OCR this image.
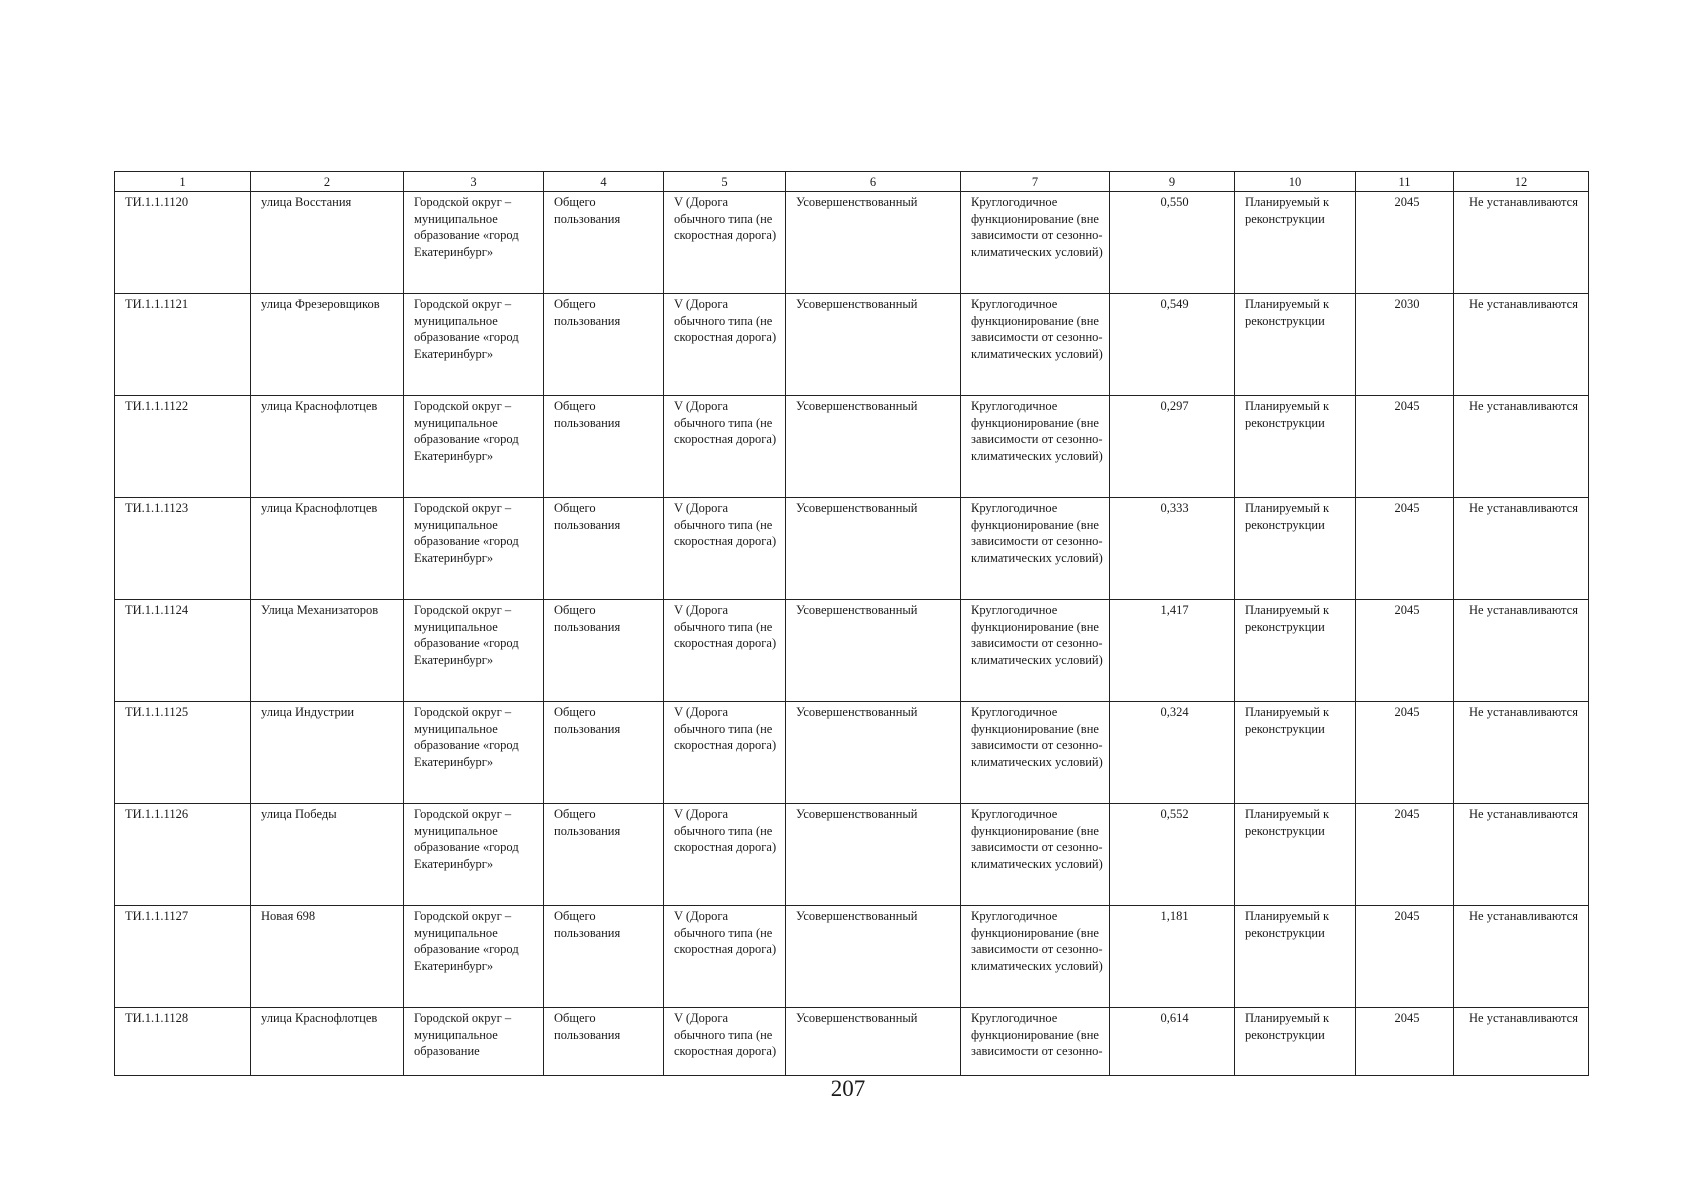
1	2	3	4	5	6	7	9	10	11	12
ТИ.1.1.1120	улица Восстания	Городской округ – муниципальное образование «город Екатеринбург»	Общего пользования	V (Дорога обычного типа (не скоростная дорога)	Усовершенствованный	Круглогодичное функционирование (вне зависимости от сезонно-климатических условий)	0,550	Планируемый к реконструкции	2045	Не устанавливаются
ТИ.1.1.1121	улица Фрезеровщиков	Городской округ – муниципальное образование «город Екатеринбург»	Общего пользования	V (Дорога обычного типа (не скоростная дорога)	Усовершенствованный	Круглогодичное функционирование (вне зависимости от сезонно-климатических условий)	0,549	Планируемый к реконструкции	2030	Не устанавливаются
ТИ.1.1.1122	улица Краснофлотцев	Городской округ – муниципальное образование «город Екатеринбург»	Общего пользования	V (Дорога обычного типа (не скоростная дорога)	Усовершенствованный	Круглогодичное функционирование (вне зависимости от сезонно-климатических условий)	0,297	Планируемый к реконструкции	2045	Не устанавливаются
ТИ.1.1.1123	улица Краснофлотцев	Городской округ – муниципальное образование «город Екатеринбург»	Общего пользования	V (Дорога обычного типа (не скоростная дорога)	Усовершенствованный	Круглогодичное функционирование (вне зависимости от сезонно-климатических условий)	0,333	Планируемый к реконструкции	2045	Не устанавливаются
ТИ.1.1.1124	Улица Механизаторов	Городской округ – муниципальное образование «город Екатеринбург»	Общего пользования	V (Дорога обычного типа (не скоростная дорога)	Усовершенствованный	Круглогодичное функционирование (вне зависимости от сезонно-климатических условий)	1,417	Планируемый к реконструкции	2045	Не устанавливаются
ТИ.1.1.1125	улица Индустрии	Городской округ – муниципальное образование «город Екатеринбург»	Общего пользования	V (Дорога обычного типа (не скоростная дорога)	Усовершенствованный	Круглогодичное функционирование (вне зависимости от сезонно-климатических условий)	0,324	Планируемый к реконструкции	2045	Не устанавливаются
ТИ.1.1.1126	улица Победы	Городской округ – муниципальное образование «город Екатеринбург»	Общего пользования	V (Дорога обычного типа (не скоростная дорога)	Усовершенствованный	Круглогодичное функционирование (вне зависимости от сезонно-климатических условий)	0,552	Планируемый к реконструкции	2045	Не устанавливаются
ТИ.1.1.1127	Новая 698	Городской округ – муниципальное образование «город Екатеринбург»	Общего пользования	V (Дорога обычного типа (не скоростная дорога)	Усовершенствованный	Круглогодичное функционирование (вне зависимости от сезонно-климатических условий)	1,181	Планируемый к реконструкции	2045	Не устанавливаются
ТИ.1.1.1128	улица Краснофлотцев	Городской округ – муниципальное образование	Общего пользования	V (Дорога обычного типа (не скоростная дорога)	Усовершенствованный	Круглогодичное функционирование (вне зависимости от сезонно-	0,614	Планируемый к реконструкции	2045	Не устанавливаются
207
